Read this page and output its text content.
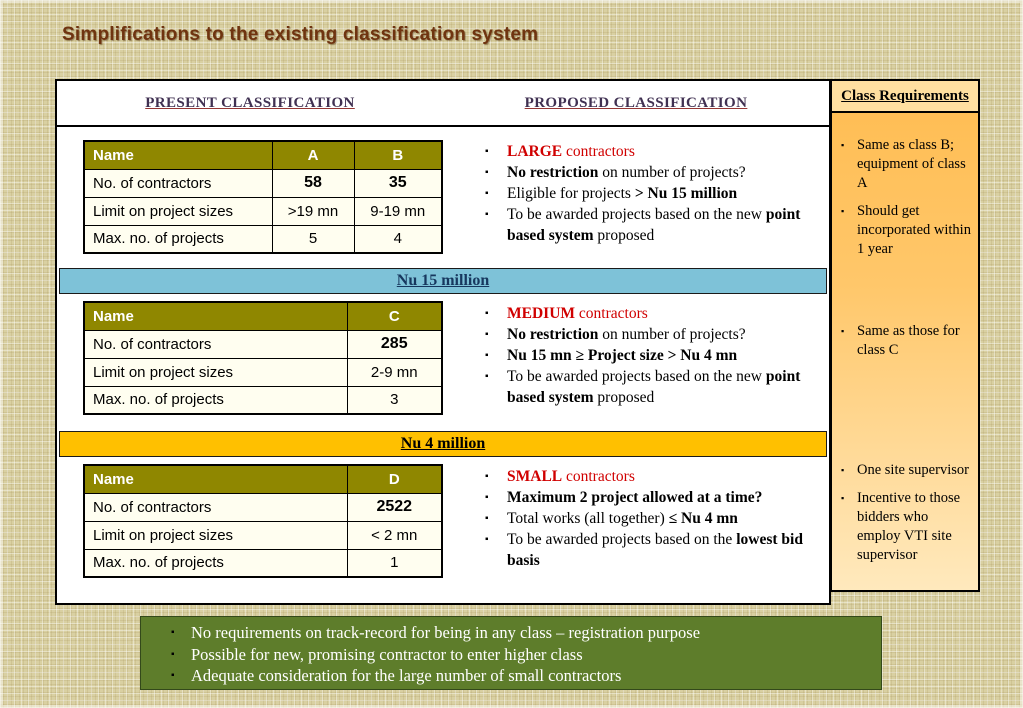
Simplifications to the existing classification system
PRESENT CLASSIFICATION	PROPOSED CLASSIFICATION
Name	A	B
No. of contractors	58	35
Limit on project sizes	>19 mn	9-19 mn
Max. no. of projects	5	4
▪	LARGE contractors
▪	No restriction on number of projects?
▪	Eligible for projects > Nu 15 million
▪	To be awarded projects based on the new point based system proposed
Nu 15 million
Name	C
No. of contractors	285
Limit on project sizes	2-9 mn
Max. no. of projects	3
▪	MEDIUM contractors
▪	No restriction on number of projects?
▪	Nu 15 mn ≥ Project size > Nu 4 mn
▪	To be awarded projects based on the new point based system proposed
Nu 4 million
Name	D
No. of contractors	2522
Limit on project sizes	< 2 mn
Max. no. of projects	1
▪	SMALL contractors
▪	Maximum 2 project allowed at a time?
▪	Total works (all together) ≤ Nu 4 mn
▪	To be awarded projects based on the lowest bid basis
Class Requirements
▪ Same as class B; equipment of class A
▪ Should get incorporated within 1 year
▪ Same as those for class C
▪ One site supervisor
▪ Incentive to those bidders who employ VTI site supervisor
▪ No requirements on track-record for being in any class – registration purpose
▪ Possible for new, promising contractor to enter higher class
▪ Adequate consideration for the large number of small contractors
